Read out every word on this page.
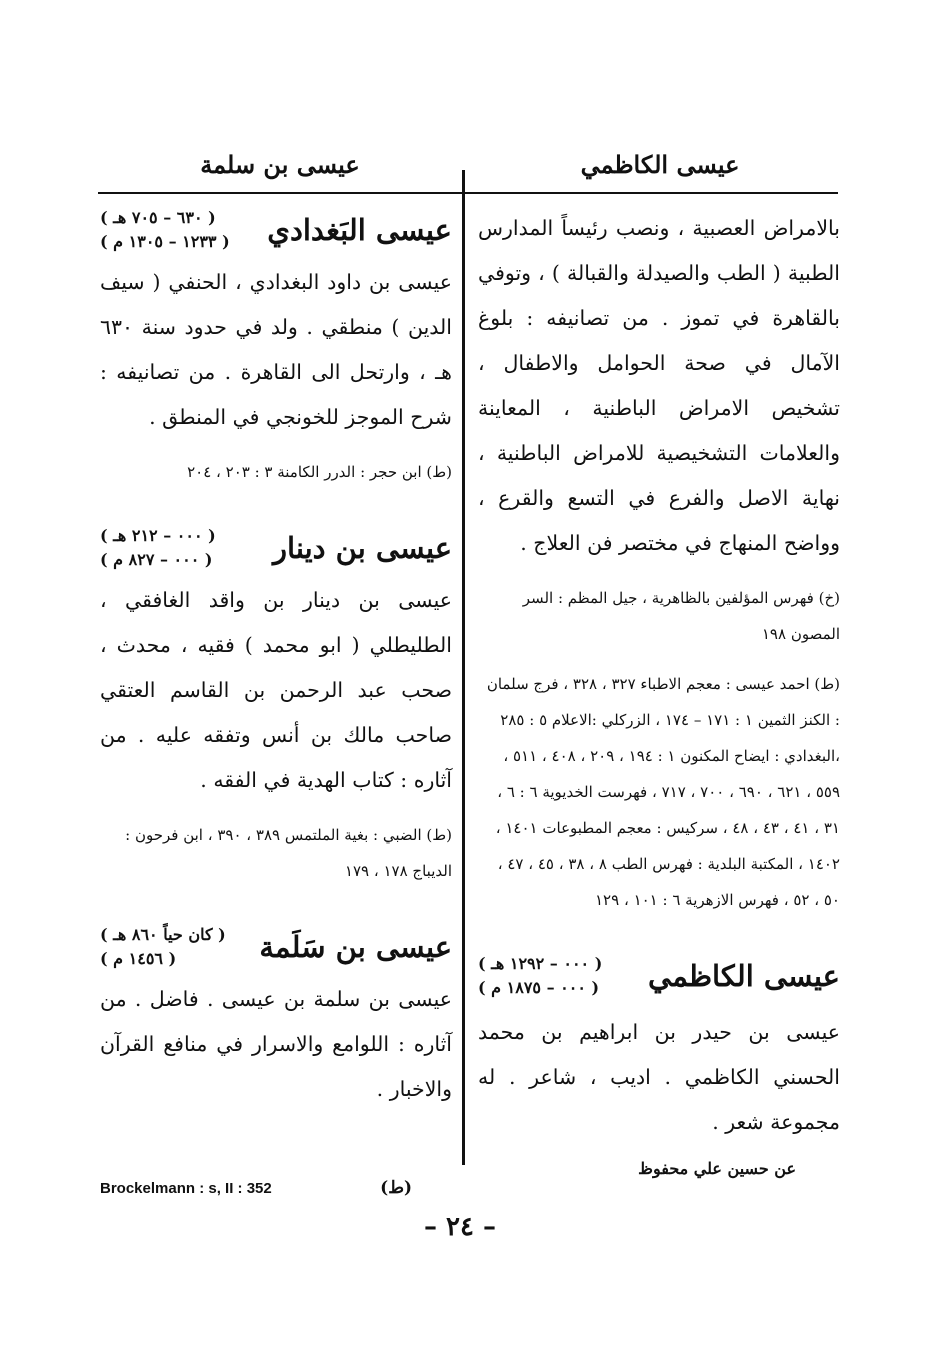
عيسى الكاظمي
عيسى بن سلمة

بالامراض العصبية ، ونصب رئيساً المدارس الطبية ( الطب والصيدلة والقبالة ) ، وتوفي بالقاهرة في تموز . من تصانيفه : بلوغ الآمال في صحة الحوامل والاطفال ، تشخيص الامراض الباطنية ، المعاينة والعلامات التشخيصية للامراض الباطنية ، نهاية الاصل والفرع في التسع والقرع ، وواضح المنهاج في مختصر فن العلاج .

(خ) فهرس المؤلفين بالظاهرية ، جيل المظم : السر المصون ١٩٨

(ط) احمد عيسى : معجم الاطباء ٣٢٧ ، ٣٢٨ ، فرج سلمان : الكنز الثمين ١ : ١٧١ – ١٧٤ ، الزركلي :الاعلام ٥ : ٢٨٥ ،البغدادي : ايضاح المكنون ١ : ١٩٤ ، ٢٠٩ ، ٤٠٨ ، ٥١١ ، ٥٥٩ ، ٦٢١ ، ٦٩٠ ، ٧٠٠ ، ٧١٧ ، فهرست الخديوية ٦ : ٦ ، ٣١ ، ٤١ ، ٤٣ ، ٤٨ ، سركيس : معجم المطبوعات ١٤٠١ ، ١٤٠٢ ، المكتبة البلدية : فهرس الطب ٨ ، ٣٨ ، ٤٥ ، ٤٧ ، ٥٠ ، ٥٢ ، فهرس الازهرية ٦ : ١٠١ ، ١٢٩

عيسى الكاظمي
( ٠٠٠ – ١٢٩٢ هـ )
( ٠٠٠ – ١٨٧٥ م )

عيسى بن حيدر بن ابراهيم بن محمد الحسني الكاظمي . اديب ، شاعر . له مجموعة شعر .

عن حسين علي محفوظ
عيسى البَغدادي
( ٦٣٠ – ٧٠٥ هـ )
( ١٢٣٣ – ١٣٠٥ م )

عيسى بن داود البغدادي ، الحنفي ( سيف الدين ) منطقي . ولد في حدود سنة ٦٣٠ هـ ، وارتحل الى القاهرة . من تصانيفه : شرح الموجز للخونجي في المنطق .

(ط) ابن حجر : الدرر الكامنة ٣ : ٢٠٣ ، ٢٠٤

عيسى بن دينار
( ٠٠٠ – ٢١٢ هـ )
( ٠٠٠ – ٨٢٧ م )

عيسى بن دينار بن واقد الغافقي ، الطليطلي ( ابو محمد ) فقيه ، محدث ، صحب عبد الرحمن بن القاسم العتقي صاحب مالك بن أنس وتفقه عليه . من آثاره : كتاب الهدية في الفقه .

(ط) الضبي : بغية الملتمس ٣٨٩ ، ٣٩٠ ، ابن فرحون : الديباج ١٧٨ ، ١٧٩

عيسى بن سَلَمة
( كان حياً ٨٦٠ هـ )
( ١٤٥٦ م )

عيسى بن سلمة بن عيسى . فاضل . من آثاره : اللوامع والاسرار في منافع القرآن والاخبار .

Brockelmann : s, II : 352	(ط)
– ٢٤ –
